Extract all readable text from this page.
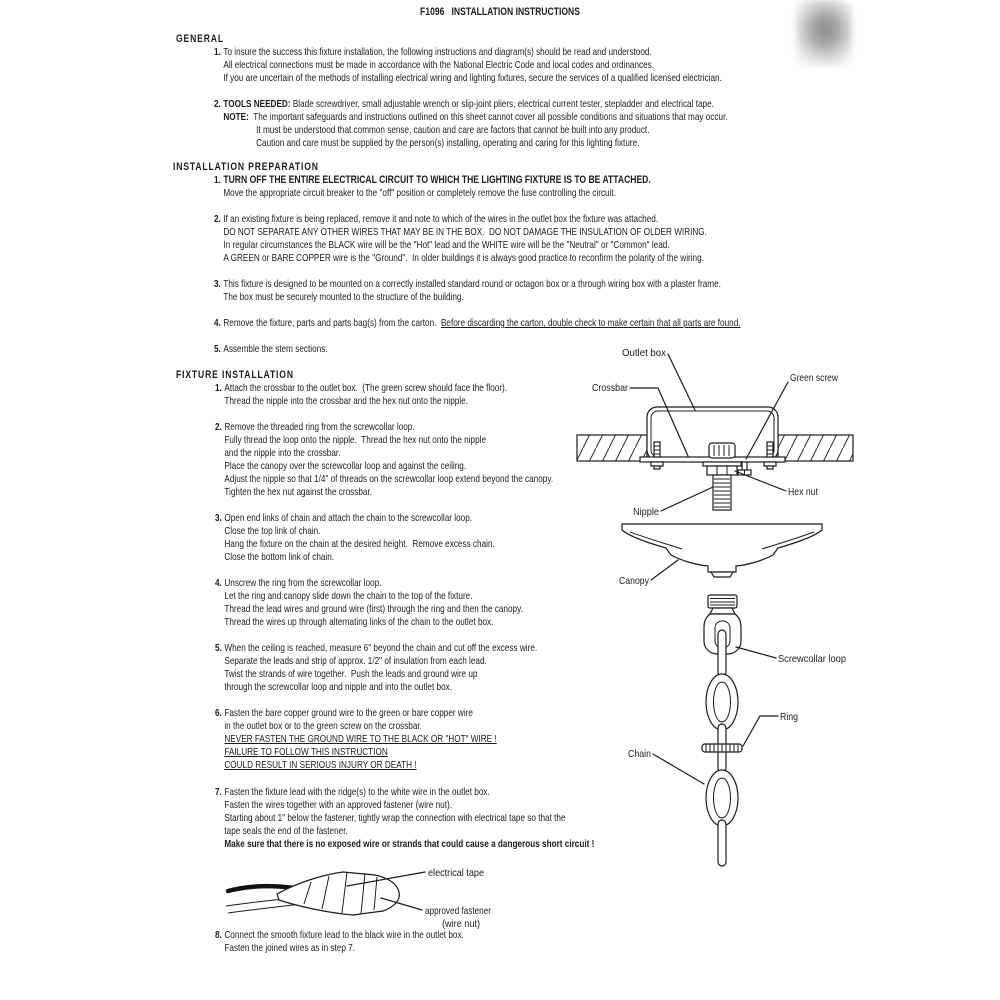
F1096   INSTALLATION INSTRUCTIONS
GENERAL
1. To insure the success this fixture installation, the following instructions and diagram(s) should be read and understood.
All electrical connections must be made in accordance with the National Electric Code and local codes and ordinances.
If you are uncertain of the methods of installing electrical wiring and lighting fixtures, secure the services of a qualified licensed electrician.
2. TOOLS NEEDED: Blade screwdriver, small adjustable wrench or slip-joint pliers, electrical current tester, stepladder and electrical tape.
NOTE:  The important safeguards and instructions outlined on this sheet cannot cover all possible conditions and situations that may occur.
It must be understood that common sense, caution and care are factors that cannot be built into any product.
Caution and care must be supplied by the person(s) installing, operating and caring for this lighting fixture.
INSTALLATION PREPARATION
1. TURN OFF THE ENTIRE ELECTRICAL CIRCUIT TO WHICH THE LIGHTING FIXTURE IS TO BE ATTACHED.
Move the appropriate circuit breaker to the "off" position or completely remove the fuse controlling the circuit.
2. If an existing fixture is being replaced, remove it and note to which of the wires in the outlet box the fixture was attached.
DO NOT SEPARATE ANY OTHER WIRES THAT MAY BE IN THE BOX.  DO NOT DAMAGE THE INSULATION OF OLDER WIRING.
In regular circumstances the BLACK wire will be the "Hot" lead and the WHITE wire will be the "Neutral" or "Common" lead.
A GREEN or BARE COPPER wire is the "Ground".  In older buildings it is always good practice to reconfirm the polarity of the wiring.
3. This fixture is designed to be mounted on a correctly installed standard round or octagon box or a through wiring box with a plaster frame.
The box must be securely mounted to the structure of the building.
4. Remove the fixture, parts and parts bag(s) from the carton.  Before discarding the carton, double check to make certain that all parts are found.
5. Assemble the stem sections.
FIXTURE INSTALLATION
1. Attach the crossbar to the outlet box.  (The green screw should face the floor).
Thread the nipple into the crossbar and the hex nut onto the nipple.
2. Remove the threaded ring from the screwcollar loop.
Fully thread the loop onto the nipple.  Thread the hex nut onto the nipple
and the nipple into the crossbar.
Place the canopy over the screwcollar loop and against the ceiling.
Adjust the nipple so that 1/4" of threads on the screwcollar loop extend beyond the canopy.
Tighten the hex nut against the crossbar.
3. Open end links of chain and attach the chain to the screwcollar loop.
Close the top link of chain.
Hang the fixture on the chain at the desired height.  Remove excess chain.
Close the bottom link of chain.
4. Unscrew the ring from the screwcollar loop.
Let the ring and canopy slide down the chain to the top of the fixture.
Thread the lead wires and ground wire (first) through the ring and then the canopy.
Thread the wires up through alternating links of the chain to the outlet box.
5. When the ceiling is reached, measure 6" beyond the chain and cut off the excess wire.
Separate the leads and strip of approx. 1/2" of insulation from each lead.
Twist the strands of wire together.  Push the leads and ground wire up
through the screwcollar loop and nipple and into the outlet box.
6. Fasten the bare copper ground wire to the green or bare copper wire
in the outlet box or to the green screw on the crossbar.
NEVER FASTEN THE GROUND WIRE TO THE BLACK OR "HOT" WIRE !
FAILURE TO FOLLOW THIS INSTRUCTION
COULD RESULT IN SERIOUS INJURY OR DEATH !
7. Fasten the fixture lead with the ridge(s) to the white wire in the outlet box.
Fasten the wires together with an approved fastener (wire nut).
Starting about 1" below the fastener, tightly wrap the connection with electrical tape so that the
tape seals the end of the fastener.
Make sure that there is no exposed wire or strands that could cause a dangerous short circuit !
8. Connect the smooth fixture lead to the black wire in the outlet box.
Fasten the joined wires as in step 7.
Outlet box
Crossbar
Green screw
Hex nut
Nipple
Canopy
Screwcollar loop
Ring
Chain
electrical tape
approved fastener
(wire nut)
